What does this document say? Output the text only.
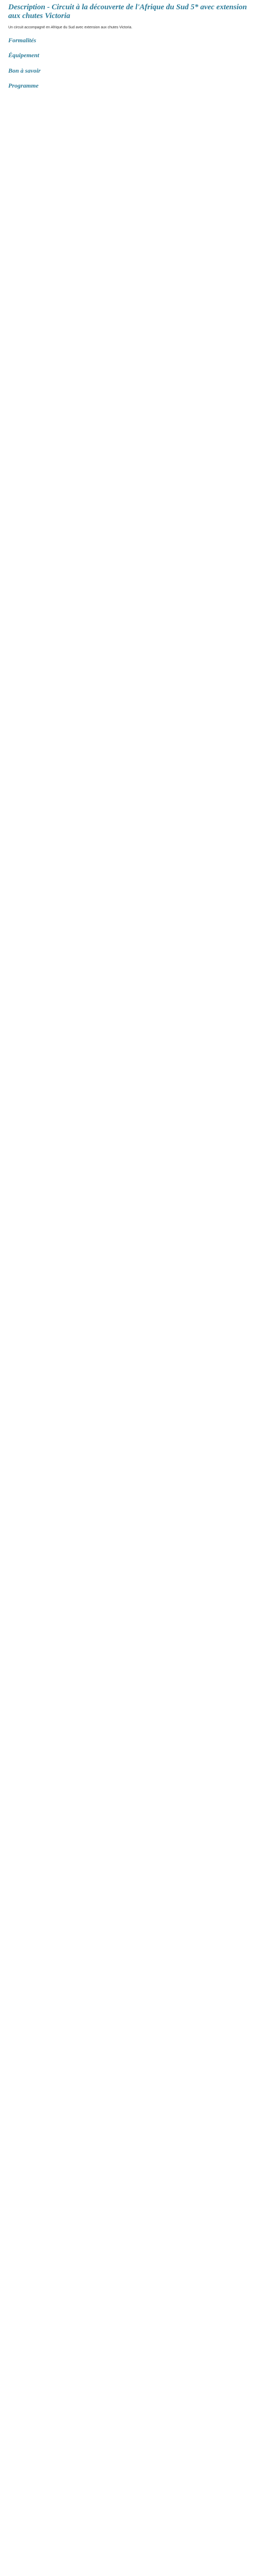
Description - Circuit à la découverte de l'Afrique du Sud 5* avec extension aux chutes Victoria

Un circuit accompagné en Afrique du Sud avec extension aux chutes Victoria.

Formalités
Équipement
Bon à savoir
Programme
